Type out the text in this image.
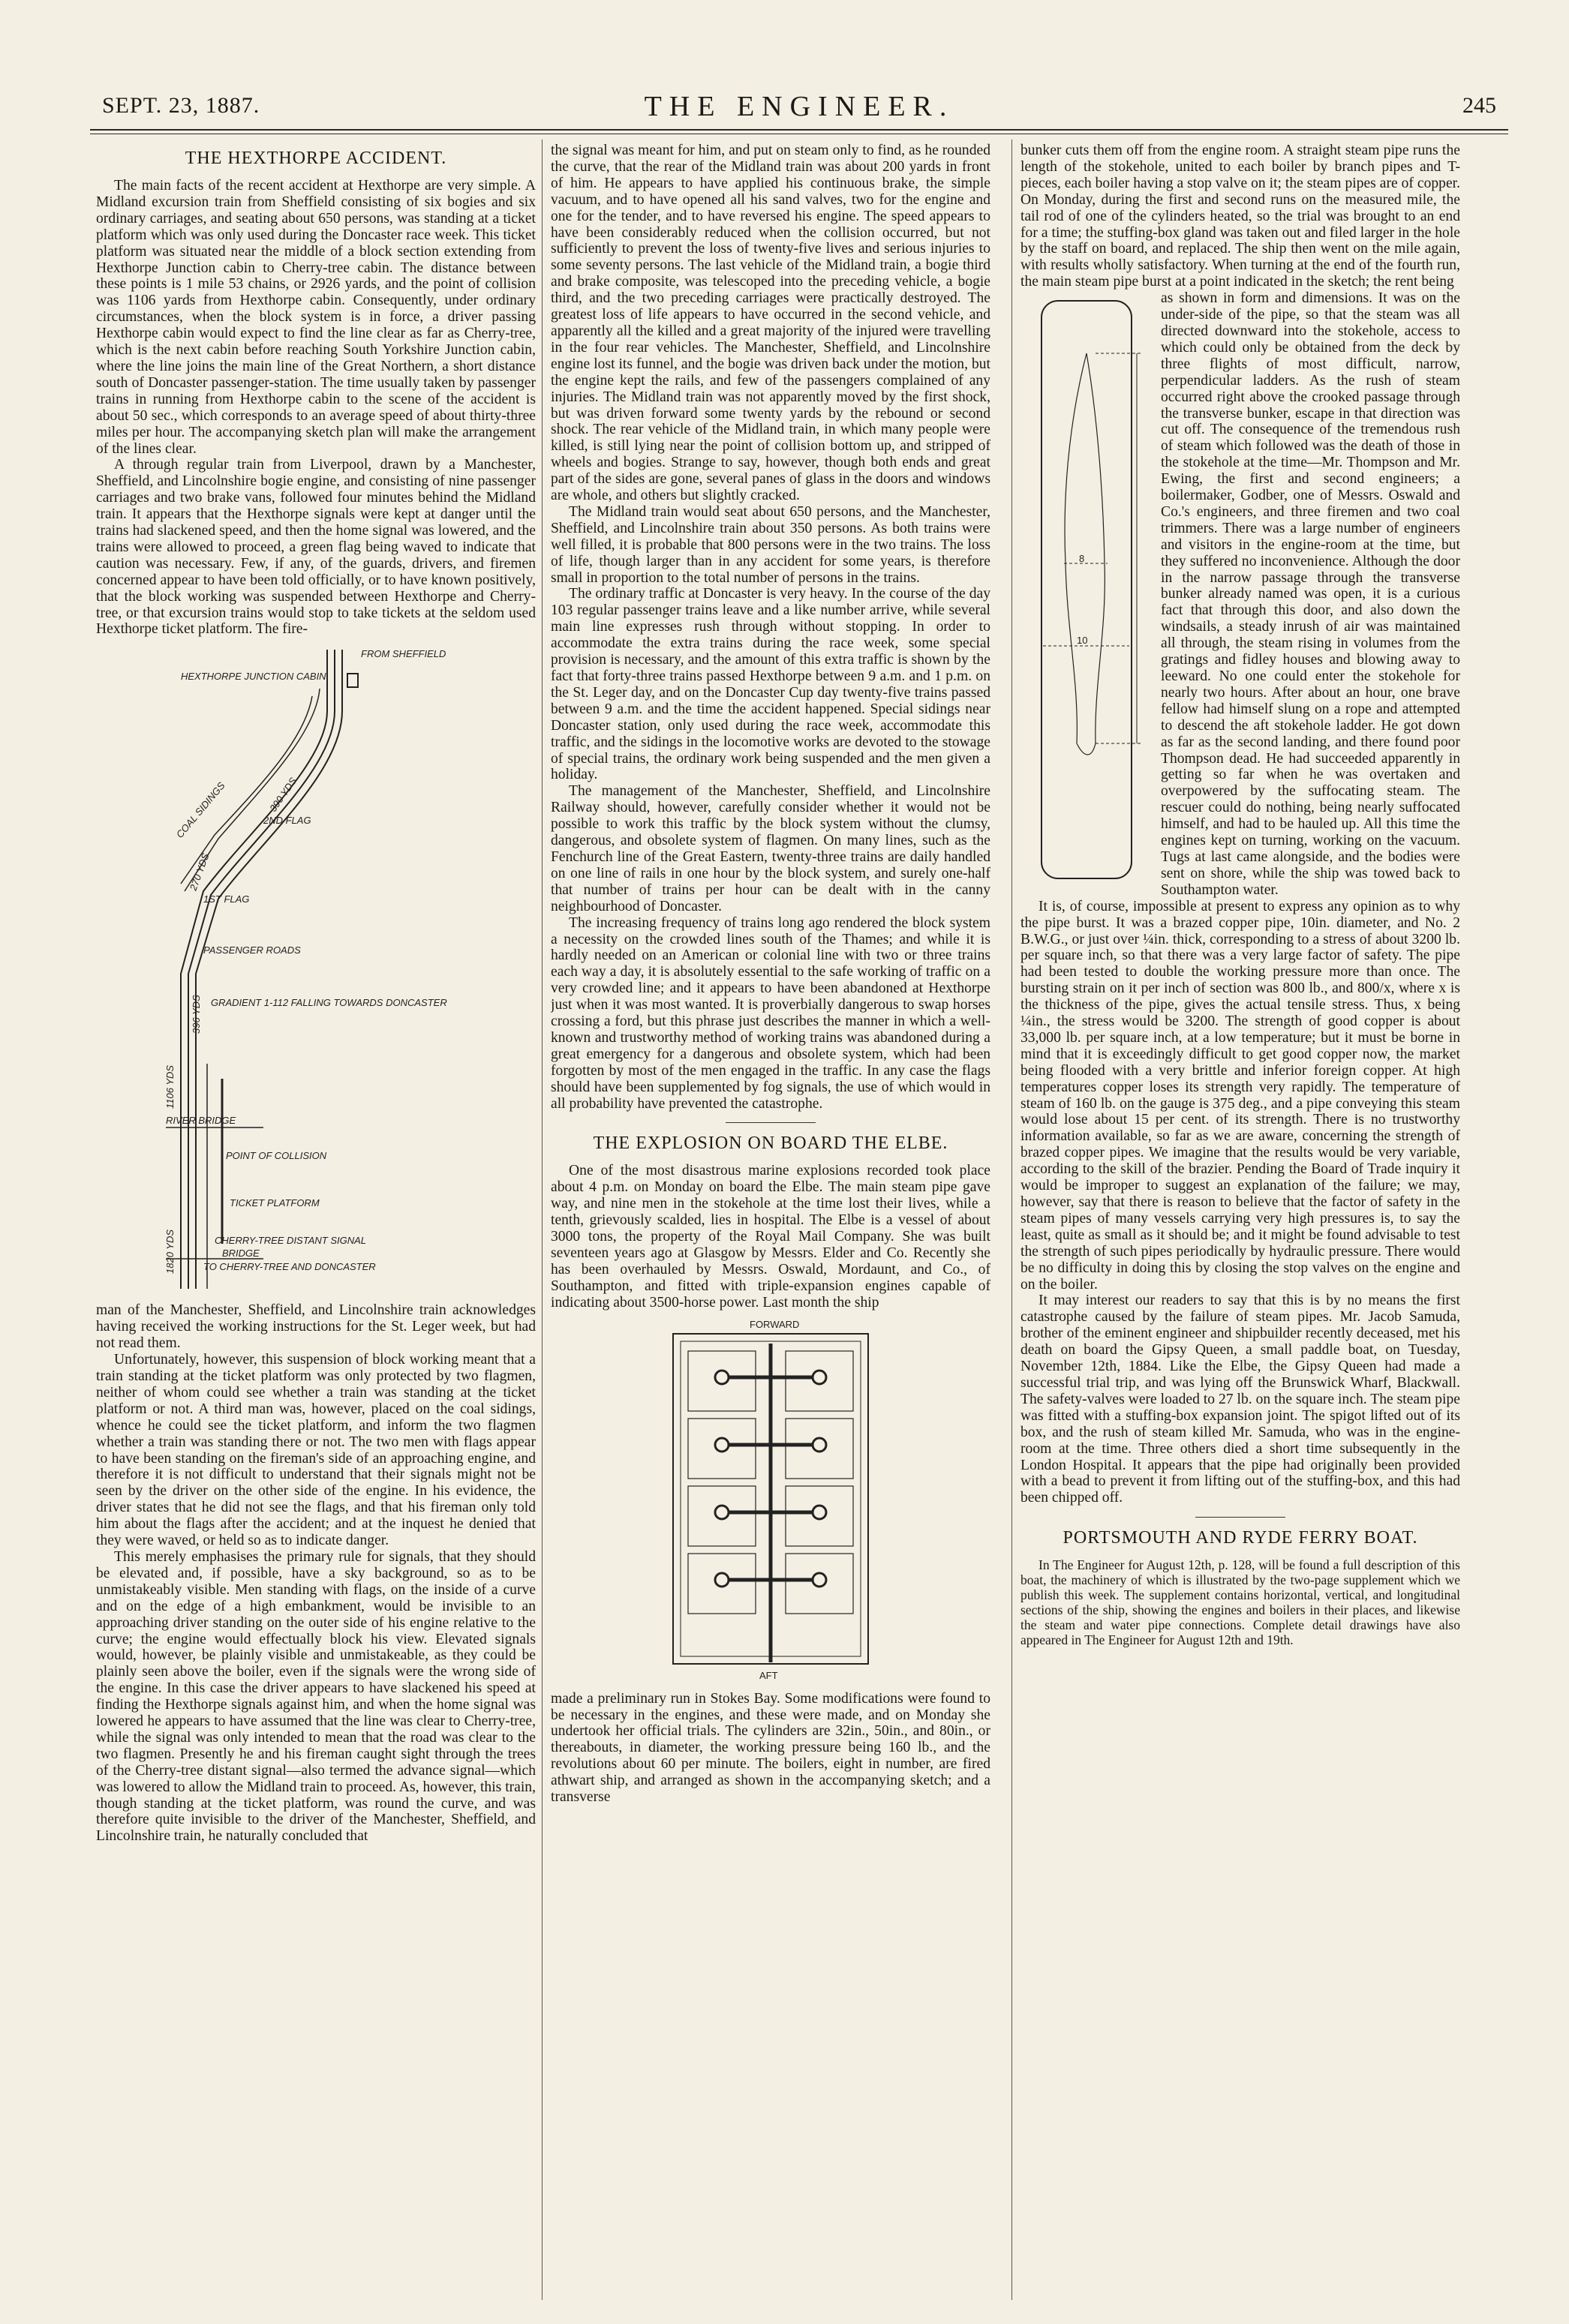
SEPT. 23, 1887.	THE ENGINEER.	245
THE HEXTHORPE ACCIDENT.

The main facts of the recent accident at Hexthorpe are very simple. A Midland excursion train from Sheffield consisting of six bogies and six ordinary carriages, and seating about 650 persons, was standing at a ticket platform which was only used during the Doncaster race week. This ticket platform was situated near the middle of a block section extending from Hexthorpe Junction cabin to Cherry-tree cabin. The distance between these points is 1 mile 53 chains, or 2926 yards, and the point of collision was 1106 yards from Hexthorpe cabin. Consequently, under ordinary circumstances, when the block system is in force, a driver passing Hexthorpe cabin would expect to find the line clear as far as Cherry-tree, which is the next cabin before reaching South Yorkshire Junction cabin, where the line joins the main line of the Great Northern, a short distance south of Doncaster passenger-station. The time usually taken by passenger trains in running from Hexthorpe cabin to the scene of the accident is about 50 sec., which corresponds to an average speed of about thirty-three miles per hour. The accompanying sketch plan will make the arrangement of the lines clear.

A through regular train from Liverpool, drawn by a Manchester, Sheffield, and Lincolnshire bogie engine, and consisting of nine passenger carriages and two brake vans, followed four minutes behind the Midland train. It appears that the Hexthorpe signals were kept at danger until the trains had slackened speed, and then the home signal was lowered, and the trains were allowed to proceed, a green flag being waved to indicate that caution was necessary. Few, if any, of the guards, drivers, and firemen concerned appear to have been told officially, or to have known positively, that the block working was suspended between Hexthorpe and Cherry-tree, or that excursion trains would stop to take tickets at the seldom used Hexthorpe ticket platform. The fire-

FROM SHEFFIELD
HEXTHORPE JUNCTION CABIN
COAL SIDINGS	390 YDS
2ND FLAG
270 YDS
1ST FLAG
PASSENGER ROADS
396 YDS GRADIENT 1-112 FALLING TOWARDS DONCASTER
1106 YDS
RIVER BRIDGE
POINT OF COLLISION
TICKET PLATFORM
1820 YDS	CHERRY-TREE DISTANT SIGNAL
BRIDGE
TO CHERRY-TREE AND DONCASTER

man of the Manchester, Sheffield, and Lincolnshire train acknowledges having received the working instructions for the St. Leger week, but had not read them.

Unfortunately, however, this suspension of block working meant that a train standing at the ticket platform was only protected by two flagmen, neither of whom could see whether a train was standing at the ticket platform or not. A third man was, however, placed on the coal sidings, whence he could see the ticket platform, and inform the two flagmen whether a train was standing there or not. The two men with flags appear to have been standing on the fireman's side of an approaching engine, and therefore it is not difficult to understand that their signals might not be seen by the driver on the other side of the engine. In his evidence, the driver states that he did not see the flags, and that his fireman only told him about the flags after the accident; and at the inquest he denied that they were waved, or held so as to indicate danger.

This merely emphasises the primary rule for signals, that they should be elevated and, if possible, have a sky background, so as to be unmistakeably visible. Men standing with flags, on the inside of a curve and on the edge of a high embankment, would be invisible to an approaching driver standing on the outer side of his engine relative to the curve; the engine would effectually block his view. Elevated signals would, however, be plainly visible and unmistakeable, as they could be plainly seen above the boiler, even if the signals were the wrong side of the engine. In this case the driver appears to have slackened his speed at finding the Hexthorpe signals against him, and when the home signal was lowered he appears to have assumed that the line was clear to Cherry-tree, while the signal was only intended to mean that the road was clear to the two flagmen. Presently he and his fireman caught sight through the trees of the Cherry-tree distant signal—also termed the advance signal—which was lowered to allow the Midland train to proceed. As, however, this train, though standing at the ticket platform, was round the curve, and was therefore quite invisible to the driver of the Manchester, Sheffield, and Lincolnshire train, he naturally concluded that

the signal was meant for him, and put on steam only to find, as he rounded the curve, that the rear of the Midland train was about 200 yards in front of him. He appears to have applied his continuous brake, the simple vacuum, and to have opened all his sand valves, two for the engine and one for the tender, and to have reversed his engine. The speed appears to have been considerably reduced when the collision occurred, but not sufficiently to prevent the loss of twenty-five lives and serious injuries to some seventy persons. The last vehicle of the Midland train, a bogie third and brake composite, was telescoped into the preceding vehicle, a bogie third, and the two preceding carriages were practically destroyed. The greatest loss of life appears to have occurred in the second vehicle, and apparently all the killed and a great majority of the injured were travelling in the four rear vehicles. The Manchester, Sheffield, and Lincolnshire engine lost its funnel, and the bogie was driven back under the motion, but the engine kept the rails, and few of the passengers complained of any injuries. The Midland train was not apparently moved by the first shock, but was driven forward some twenty yards by the rebound or second shock. The rear vehicle of the Midland train, in which many people were killed, is still lying near the point of collision bottom up, and stripped of wheels and bogies. Strange to say, however, though both ends and great part of the sides are gone, several panes of glass in the doors and windows are whole, and others but slightly cracked.

The Midland train would seat about 650 persons, and the Manchester, Sheffield, and Lincolnshire train about 350 persons. As both trains were well filled, it is probable that 800 persons were in the two trains. The loss of life, though larger than in any accident for some years, is therefore small in proportion to the total number of persons in the trains.

The ordinary traffic at Doncaster is very heavy. In the course of the day 103 regular passenger trains leave and a like number arrive, while several main line expresses rush through without stopping. In order to accommodate the extra trains during the race week, some special provision is necessary, and the amount of this extra traffic is shown by the fact that forty-three trains passed Hexthorpe between 9 a.m. and 1 p.m. on the St. Leger day, and on the Doncaster Cup day twenty-five trains passed between 9 a.m. and the time the accident happened. Special sidings near Doncaster station, only used during the race week, accommodate this traffic, and the sidings in the locomotive works are devoted to the stowage of special trains, the ordinary work being suspended and the men given a holiday.

The management of the Manchester, Sheffield, and Lincolnshire Railway should, however, carefully consider whether it would not be possible to work this traffic by the block system without the clumsy, dangerous, and obsolete system of flagmen. On many lines, such as the Fenchurch line of the Great Eastern, twenty-three trains are daily handled on one line of rails in one hour by the block system, and surely one-half that number of trains per hour can be dealt with in the canny neighbourhood of Doncaster.

The increasing frequency of trains long ago rendered the block system a necessity on the crowded lines south of the Thames; and while it is hardly needed on an American or colonial line with two or three trains each way a day, it is absolutely essential to the safe working of traffic on a very crowded line; and it appears to have been abandoned at Hexthorpe just when it was most wanted. It is proverbially dangerous to swap horses crossing a ford, but this phrase just describes the manner in which a well-known and trustworthy method of working trains was abandoned during a great emergency for a dangerous and obsolete system, which had been forgotten by most of the men engaged in the traffic. In any case the flags should have been supplemented by fog signals, the use of which would in all probability have prevented the catastrophe.

THE EXPLOSION ON BOARD THE ELBE.

One of the most disastrous marine explosions recorded took place about 4 p.m. on Monday on board the Elbe. The main steam pipe gave way, and nine men in the stokehole at the time lost their lives, while a tenth, grievously scalded, lies in hospital. The Elbe is a vessel of about 3000 tons, the property of the Royal Mail Company. She was built seventeen years ago at Glasgow by Messrs. Elder and Co. Recently she has been overhauled by Messrs. Oswald, Mordaunt, and Co., of Southampton, and fitted with triple-expansion engines capable of indicating about 3500-horse power. Last month the ship

FORWARD
AFT

made a preliminary run in Stokes Bay. Some modifications were found to be necessary in the engines, and these were made, and on Monday she undertook her official trials. The cylinders are 32in., 50in., and 80in., or thereabouts, in diameter, the working pressure being 160 lb., and the revolutions about 60 per minute. The boilers, eight in number, are fired athwart ship, and arranged as shown in the accompanying sketch; and a transverse

bunker cuts them off from the engine room. A straight steam pipe runs the length of the stokehole, united to each boiler by branch pipes and T-pieces, each boiler having a stop valve on it; the steam pipes are of copper. On Monday, during the first and second runs on the measured mile, the tail rod of one of the cylinders heated, so the trial was brought to an end for a time; the stuffing-box gland was taken out and filed larger in the hole by the staff on board, and replaced. The ship then went on the mile again, with results wholly satisfactory. When turning at the end of the fourth run, the main steam pipe burst at a point indicated in the sketch; the rent being

8
10

as shown in form and dimensions. It was on the under-side of the pipe, so that the steam was all directed downward into the stokehole, access to which could only be obtained from the deck by three flights of most difficult, narrow, perpendicular ladders. As the rush of steam occurred right above the crooked passage through the transverse bunker, escape in that direction was cut off. The consequence of the tremendous rush of steam which followed was the death of those in the stokehole at the time—Mr. Thompson and Mr. Ewing, the first and second engineers; a boilermaker, Godber, one of Messrs. Oswald and Co.'s engineers, and three firemen and two coal trimmers. There was a large number of engineers and visitors in the engine-room at the time, but they suffered no inconvenience. Although the door in the narrow passage through the transverse bunker already named was open, it is a curious fact that through this door, and also down the windsails, a steady inrush of air was maintained all through, the steam rising in volumes from the gratings and fidley houses and blowing away to leeward. No one could enter the stokehole for nearly two hours. After about an hour, one brave fellow had himself slung on a rope and attempted to descend the aft stokehole ladder. He got down as far as the second landing, and there found poor Thompson dead. He had succeeded apparently in getting so far when he was overtaken and overpowered by the suffocating steam. The rescuer could do nothing, being nearly suffocated himself, and had to be hauled up. All this time the engines kept on turning, working on the vacuum. Tugs at last came alongside, and the bodies were sent on shore, while the ship was towed back to Southampton water.

It is, of course, impossible at present to express any opinion as to why the pipe burst. It was a brazed copper pipe, 10in. diameter, and No. 2 B.W.G., or just over ¼in. thick, corresponding to a stress of about 3200 lb. per square inch, so that there was a very large factor of safety. The pipe had been tested to double the working pressure more than once. The bursting strain on it per inch of section was 800 lb., and 800/x, where x is the thickness of the pipe, gives the actual tensile stress. Thus, x being ¼in., the stress would be 3200. The strength of good copper is about 33,000 lb. per square inch, at a low temperature; but it must be borne in mind that it is exceedingly difficult to get good copper now, the market being flooded with a very brittle and inferior foreign copper. At high temperatures copper loses its strength very rapidly. The temperature of steam of 160 lb. on the gauge is 375 deg., and a pipe conveying this steam would lose about 15 per cent. of its strength. There is no trustworthy information available, so far as we are aware, concerning the strength of brazed copper pipes. We imagine that the results would be very variable, according to the skill of the brazier. Pending the Board of Trade inquiry it would be improper to suggest an explanation of the failure; we may, however, say that there is reason to believe that the factor of safety in the steam pipes of many vessels carrying very high pressures is, to say the least, quite as small as it should be; and it might be found advisable to test the strength of such pipes periodically by hydraulic pressure. There would be no difficulty in doing this by closing the stop valves on the engine and on the boiler.

It may interest our readers to say that this is by no means the first catastrophe caused by the failure of steam pipes. Mr. Jacob Samuda, brother of the eminent engineer and shipbuilder recently deceased, met his death on board the Gipsy Queen, a small paddle boat, on Tuesday, November 12th, 1884. Like the Elbe, the Gipsy Queen had made a successful trial trip, and was lying off the Brunswick Wharf, Blackwall. The safety-valves were loaded to 27 lb. on the square inch. The steam pipe was fitted with a stuffing-box expansion joint. The spigot lifted out of its box, and the rush of steam killed Mr. Samuda, who was in the engine-room at the time. Three others died a short time subsequently in the London Hospital. It appears that the pipe had originally been provided with a bead to prevent it from lifting out of the stuffing-box, and this had been chipped off.

PORTSMOUTH AND RYDE FERRY BOAT.

In The Engineer for August 12th, p. 128, will be found a full description of this boat, the machinery of which is illustrated by the two-page supplement which we publish this week. The supplement contains horizontal, vertical, and longitudinal sections of the ship, showing the engines and boilers in their places, and likewise the steam and water pipe connections. Complete detail drawings have also appeared in The Engineer for August 12th and 19th.
